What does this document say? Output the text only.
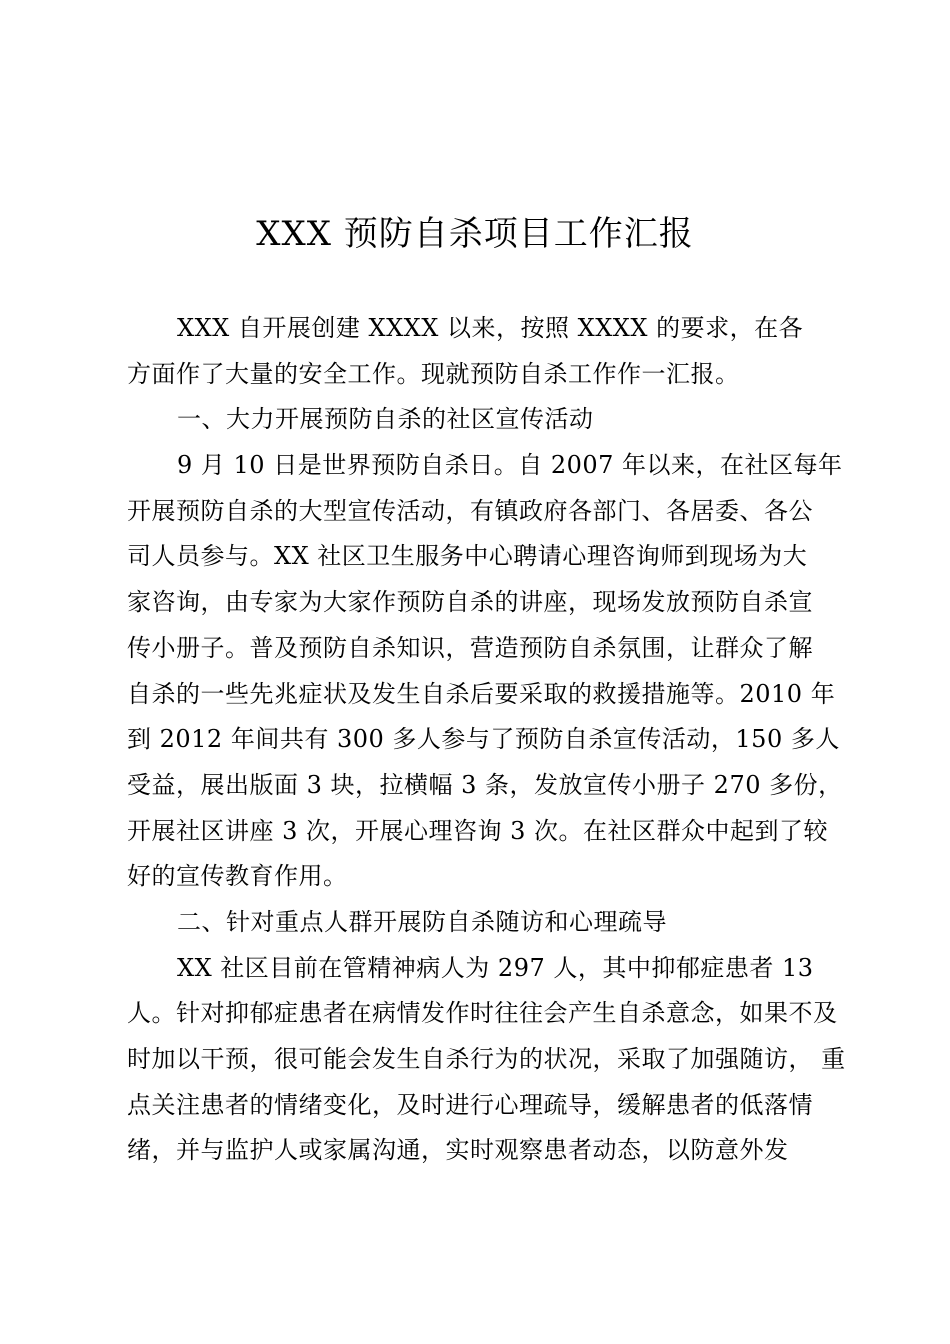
XXX 预防自杀项目工作汇报
XXX 自开展创建 XXXX 以来，按照 XXXX 的要求，在各
方面作了大量的安全工作。现就预防自杀工作作一汇报。
一、大力开展预防自杀的社区宣传活动
9 月 10 日是世界预防自杀日。自 2007 年以来，在社区每年
开展预防自杀的大型宣传活动，有镇政府各部门、各居委、各公
司人员参与。XX 社区卫生服务中心聘请心理咨询师到现场为大
家咨询，由专家为大家作预防自杀的讲座，现场发放预防自杀宣
传小册子。普及预防自杀知识，营造预防自杀氛围，让群众了解
自杀的一些先兆症状及发生自杀后要采取的救援措施等。2010 年
到 2012 年间共有 300 多人参与了预防自杀宣传活动，150 多人
受益，展出版面 3 块，拉横幅 3 条，发放宣传小册子 270 多份，
开展社区讲座 3 次，开展心理咨询 3 次。在社区群众中起到了较
好的宣传教育作用。
二、针对重点人群开展防自杀随访和心理疏导
XX 社区目前在管精神病人为 297 人，其中抑郁症患者 13
人。针对抑郁症患者在病情发作时往往会产生自杀意念，如果不及
时加以干预，很可能会发生自杀行为的状况，采取了加强随访， 重
点关注患者的情绪变化，及时进行心理疏导，缓解患者的低落情
绪，并与监护人或家属沟通，实时观察患者动态，以防意外发
